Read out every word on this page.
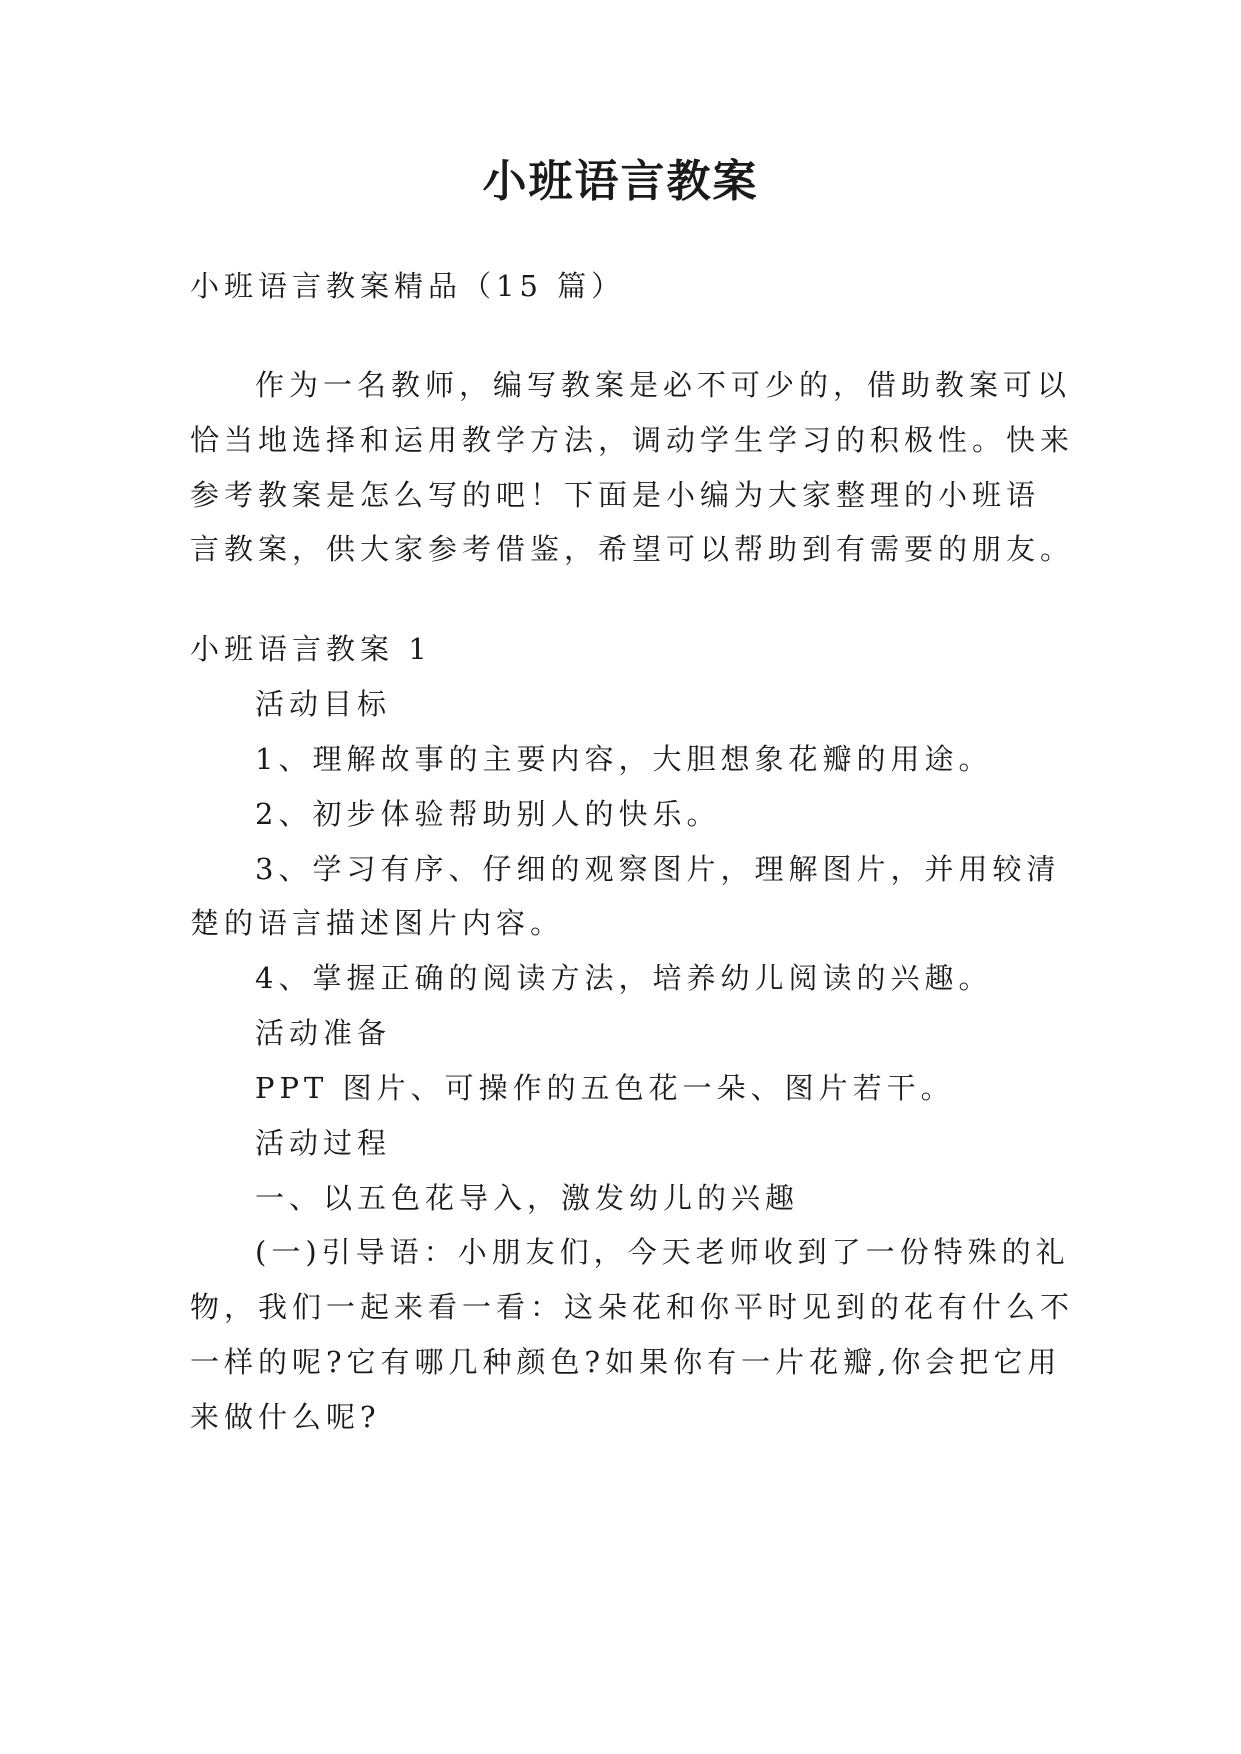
小班语言教案
小班语言教案精品（15 篇）
作为一名教师，编写教案是必不可少的，借助教案可以
恰当地选择和运用教学方法，调动学生学习的积极性。快来
参考教案是怎么写的吧！下面是小编为大家整理的小班语
言教案，供大家参考借鉴，希望可以帮助到有需要的朋友。
小班语言教案 1
活动目标
1、理解故事的主要内容，大胆想象花瓣的用途。
2、初步体验帮助别人的快乐。
3、学习有序、仔细的观察图片，理解图片，并用较清
楚的语言描述图片内容。
4、掌握正确的阅读方法，培养幼儿阅读的兴趣。
活动准备
PPT 图片、可操作的五色花一朵、图片若干。
活动过程
一、以五色花导入，激发幼儿的兴趣
(一)引导语：小朋友们，今天老师收到了一份特殊的礼
物，我们一起来看一看：这朵花和你平时见到的花有什么不
一样的呢?它有哪几种颜色?如果你有一片花瓣,你会把它用
来做什么呢?
